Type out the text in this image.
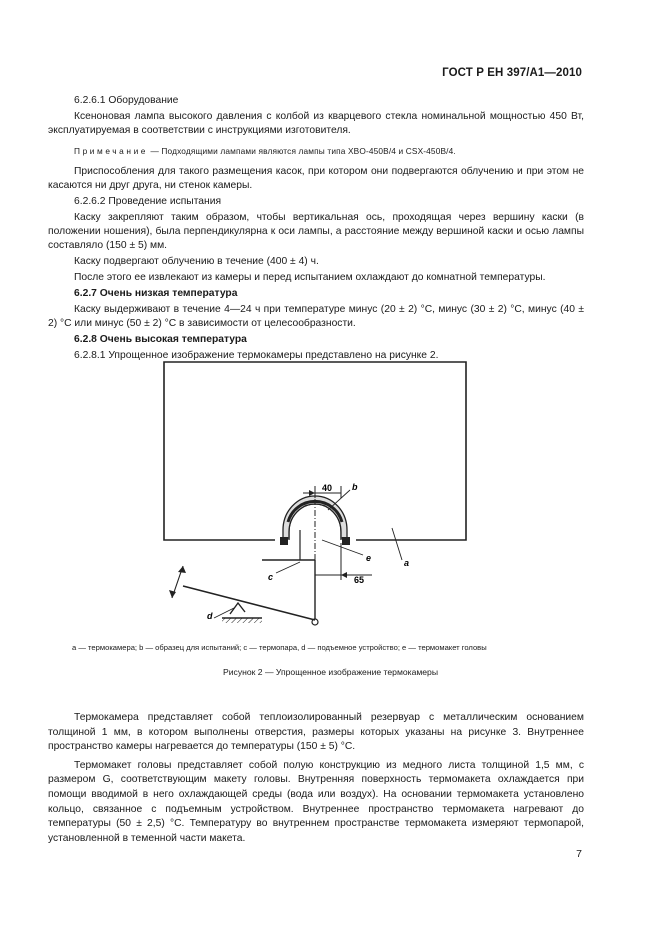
ГОСТ Р ЕН 397/А1—2010

6.2.6.1 Оборудование

Ксеноновая лампа высокого давления с колбой из кварцевого стекла номинальной мощностью 450 Вт, эксплуатируемая в соответствии с инструкциями изготовителя.

Примечание — Подходящими лампами являются лампы типа XBO-450B/4 и CSX-450B/4.

Приспособления для такого размещения касок, при котором они подвергаются облучению и при этом не касаются ни друг друга, ни стенок камеры.

6.2.6.2 Проведение испытания

Каску закрепляют таким образом, чтобы вертикальная ось, проходящая через вершину каски (в положении ношения), была перпендикулярна к оси лампы, а расстояние между вершиной каски и осью лампы составляло (150 ± 5) мм.

Каску подвергают облучению в течение (400 ± 4) ч.

После этого ее извлекают из камеры и перед испытанием охлаждают до комнатной температуры.

6.2.7 Очень низкая температура

Каску выдерживают в течение 4—24 ч при температуре минус (20 ± 2) °С, минус (30 ± 2) °С, минус (40 ± 2) °С или минус (50 ± 2) °С в зависимости от целесообразности.

6.2.8 Очень высокая температура

6.2.8.1 Упрощенное изображение термокамеры представлено на рисунке 2.

40
65
b
e	a
c
d
a — термокамера; b — образец для испытаний; c — термопара, d — подъемное устройство; e — термомакет головы
Рисунок 2 — Упрощенное изображение термокамеры

Термокамера представляет собой теплоизолированный резервуар с металлическим основанием толщиной 1 мм, в котором выполнены отверстия, размеры которых указаны на рисунке 3. Внутреннее пространство камеры нагревается до температуры (150 ± 5) °С.

Термомакет головы представляет собой полую конструкцию из медного листа толщиной 1,5 мм, с размером G, соответствующим макету головы. Внутренняя поверхность термомакета охлаждается при помощи вводимой в него охлаждающей среды (вода или воздух). На основании термомакета установлено кольцо, связанное с подъемным устройством. Внутреннее пространство термомакета нагревают до температуры (50 ± 2,5) °С. Температуру во внутреннем пространстве термомакета измеряют термопарой, установленной в теменной части макета.

7
